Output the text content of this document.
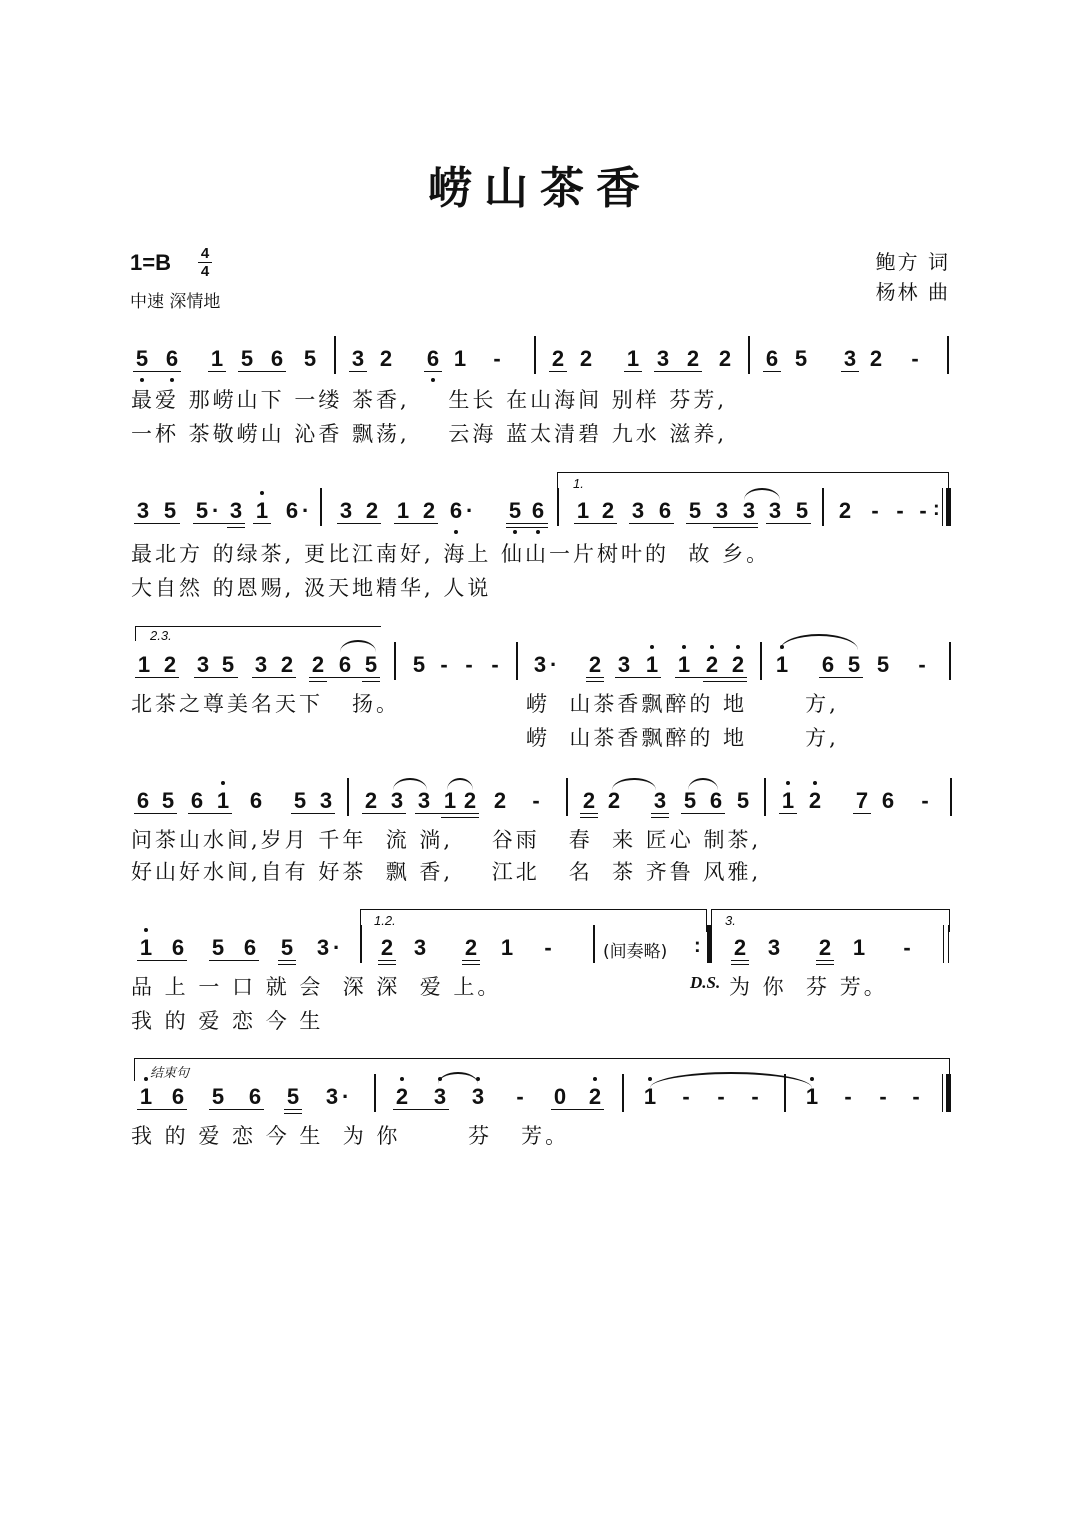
崂山茶香
1=B 4
4
中速 深情地
鲍方 词
杨林 曲
5 6 1 5 6 5 3 2 6 1 - 2 2 1 3 2 2 6 5 3 2 -
最爱 那崂山下 一缕 茶香,    生长 在山海间 别样 芬芳,
一杯 茶敬崂山 沁香 飘荡,    云海 蓝太清碧 九水 滋养,
1.
3 5 5 · 3 1 6 · 3 2 1 2 6 · 5 6 1 2 3 6 5 3 3 3 5 2 - - - :
最北方 的绿茶, 更比江南好, 海上 仙山一片树叶的  故 乡。
大自然 的恩赐, 汲天地精华, 人说
2.3.
1 2 3 5 3 2 2 6 5 5 - - - 3 · 2 3 1 1 2 2 1 6 5 5 -
北茶之尊美名天下   扬。	崂  山茶香飘醉的 地      方,
崂  山茶香飘醉的 地      方,
6 5 6 1 6 5 3 2 3 3 1 2 2 - 2 2 3 5 6 5 1 2 7 6 -
问茶山水间,岁月 千年  流 淌,    谷雨   春  来 匠心 制茶,
好山好水间,自有 好茶  飘 香,    江北   名  茶 齐鲁 风雅,
1.2.	3.
1 6 5 6 5 3 · 2 3 2 1 -	(间奏略) : 2 3 2 1 -
品 上 一 口 就 会  深 深  爱 上。
我 的 爱 恋 今 生
D.S. 为 你  芬 芳。
结束句
1 6 5 6 5 3 · 2 3 3 - 0 2 1 - - - 1 - - -
我 的 爱 恋 今 生  为 你       芬   芳。
